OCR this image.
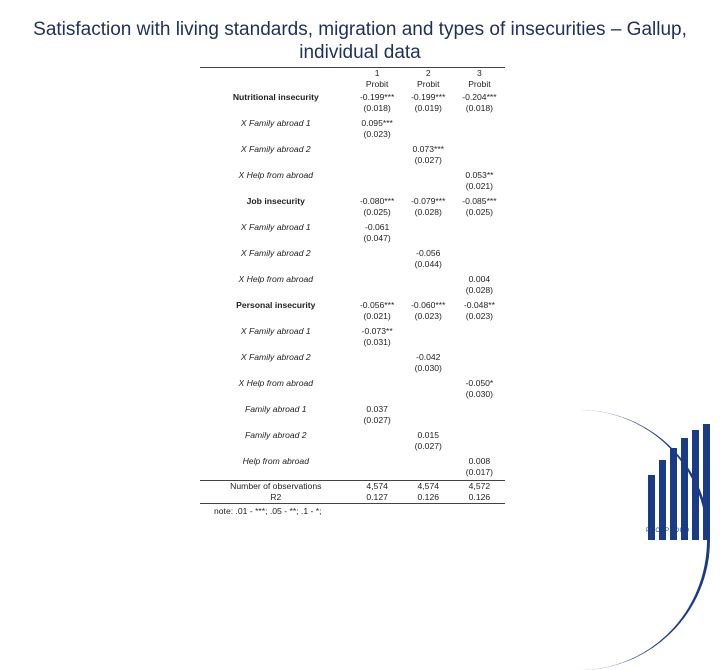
Satisfaction with living standards, migration and types of insecurities – Gallup,
individual data
	1	2	3
	Probit	Probit	Probit
Nutritional insecurity	-0.199***	-0.199***	-0.204***
	(0.018)	(0.019)	(0.018)

X Family abroad 1	0.095***		
	(0.023)		

X Family abroad 2		0.073***	
		(0.027)	

X Help from abroad			0.053**
			(0.021)

Job insecurity	-0.080***	-0.079***	-0.085***
	(0.025)	(0.028)	(0.025)

X Family abroad 1	-0.061		
	(0.047)		

X Family abroad 2		-0.056	
		(0.044)	

X Help from abroad			0.004
			(0.028)

Personal insecurity	-0.056***	-0.060***	-0.048**
	(0.021)	(0.023)	(0.023)

X Family abroad 1	-0.073**		
	(0.031)		

X Family abroad 2		-0.042	
		(0.030)	

X Help from abroad			-0.050*
			(0.030)

Family abroad 1	0.037		
	(0.027)		

Family abroad 2		0.015	
		(0.027)	

Help from abroad			0.008
			(0.017)

Number of observations	4,574	4,574	4,572
R2	0.127	0.126	0.126
note: .01 - ***; .05 - **; .1 - *;
PROSPROUO
